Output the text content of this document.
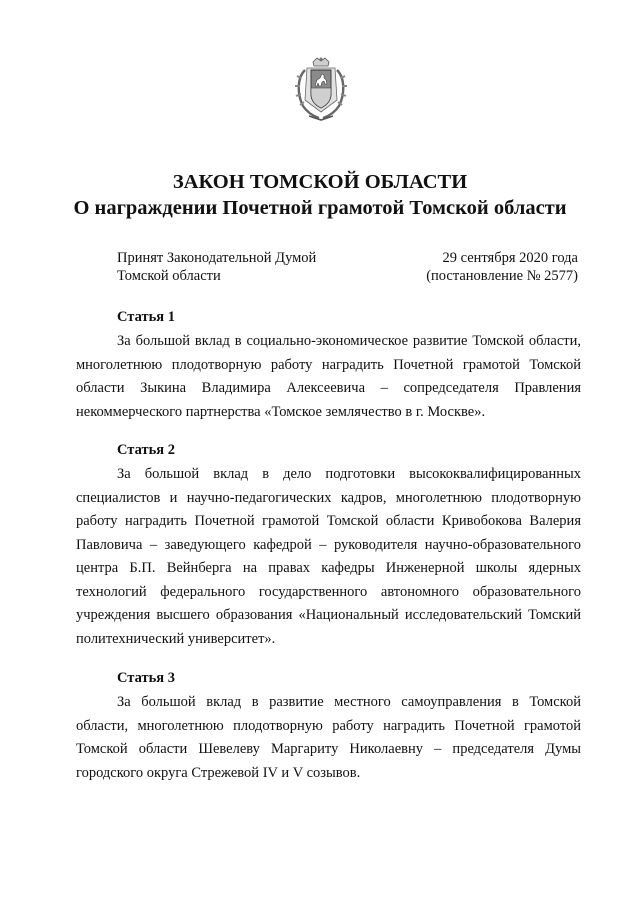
ЗАКОН ТОМСКОЙ ОБЛАСТИ
О награждении Почетной грамотой Томской области
Принят Законодательной Думой
Томской области
29 сентября 2020 года
(постановление № 2577)
Статья 1

За большой вклад в социально-экономическое развитие Томской области, многолетнюю плодотворную работу наградить Почетной грамотой Томской области Зыкина Владимира Алексеевича – сопредседателя Правления некоммерческого партнерства «Томское землячество в г. Москве».

Статья 2

За большой вклад в дело подготовки высококвалифицированных специалистов и научно-педагогических кадров, многолетнюю плодотворную работу наградить Почетной грамотой Томской области Кривобокова Валерия Павловича – заведующего кафедрой – руководителя научно-образовательного центра Б.П. Вейнберга на правах кафедры Инженерной школы ядерных технологий федерального государственного автономного образовательного учреждения высшего образования «Национальный исследовательский Томский политехнический университет».

Статья 3

За большой вклад в развитие местного самоуправления в Томской области, многолетнюю плодотворную работу наградить Почетной грамотой Томской области Шевелеву Маргариту Николаевну – председателя Думы городского округа Стрежевой IV и V созывов.
